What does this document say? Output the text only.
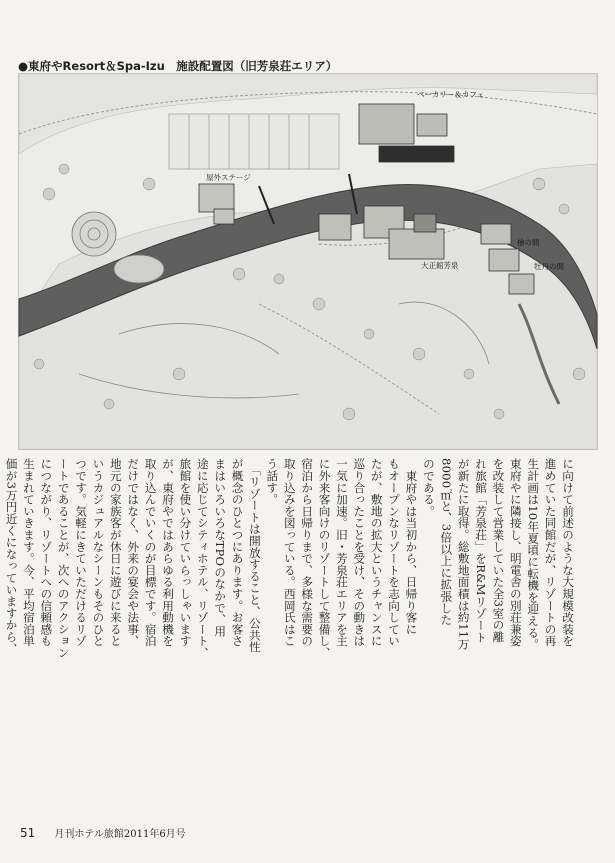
●東府やResort＆Spa-Izu　施設配置図（旧芳泉荘エリア）
ベーカリー＆カフェ
屋外ステージ
檜の間
牡丹の間
大正館芳泉
に向けて前述のような大規模改装を
進めていた同館だが、リゾートの再
生計画は10年夏頃に転機を迎える。
東府やに隣接し、明電舎の別荘兼姿
を改装して営業していた全3室の離
れ旅館「芳泉荘」をR&Mリゾート
が新たに取得。総敷地面積は約11万
8000㎡と、3倍以上に拡張した
のである。
　東府やは当初から、日帰り客に
もオープンなリゾートを志向してい
たが、敷地の拡大というチャンスに
巡り合ったことを受け、その動きは
一気に加速。旧・芳泉荘エリアを主
に外来客向けのリゾートして整備し、
宿泊から日帰りまで、多様な需要の
取り込みを図っている。西岡氏はこ
う話す。
　「リゾートは開放すること、公共性
が概念のひとつにあります。お客さ
まはいろいろなTPOのなかで、用
途に応じてシティホテル、リゾート、
旅館を使い分けていらっしゃいます
が、東府やではあらゆる利用動機を
取り込んでいくのが目標です。宿泊
だけではなく、外来の宴会や法事、
地元の家族客が休日に遊びに来ると
いうカジュアルなシーンもそのひと
つです。気軽にきていただけるリゾ
ートであることが、次へのアクション
につながり、リゾートへの信頼感も
生まれていきます。今、平均宿泊単
価が3万円近くになっていますから、
51 月刊ホテル旅館2011年6月号
